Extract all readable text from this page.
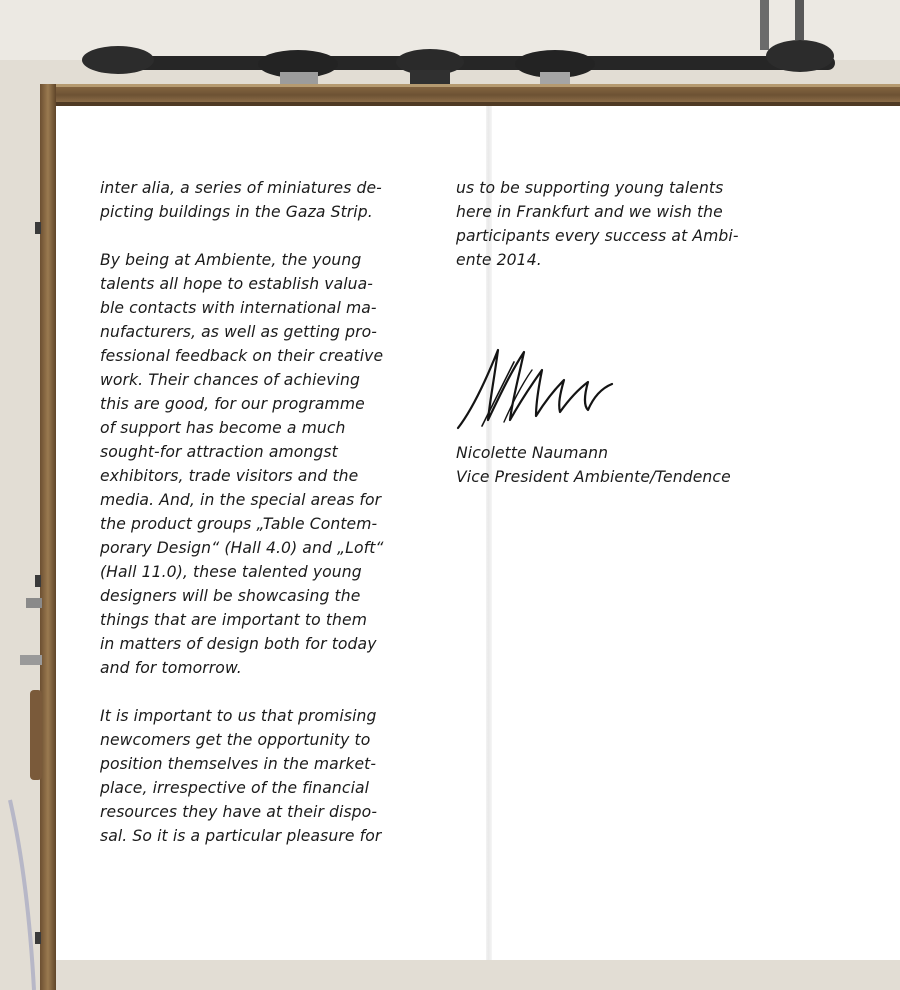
inter alia, a series of miniatures de-
picting buildings in the Gaza Strip.

By being at Ambiente, the young
talents all hope to establish valua-
ble contacts with international ma-
nufacturers, as well as getting pro-
fessional feedback on their creative
work. Their chances of achieving
this are good, for our programme
of support has become a much
sought-for attraction amongst
exhibitors, trade visitors and the
media. And, in the special areas for
the product groups „Table Contem-
porary Design“ (Hall 4.0) and „Loft“
(Hall 11.0), these talented young
designers will be showcasing the
things that are important to them
in matters of design both for today
and for tomorrow.

It is important to us that promising
newcomers get the opportunity to
position themselves in the market-
place, irrespective of the financial
resources they have at their dispo-
sal. So it is a particular pleasure for

us to be supporting young talents
here in Frankfurt and we wish the
participants every success at Ambi-
ente 2014.

Nicolette Naumann
Vice President Ambiente/Tendence
